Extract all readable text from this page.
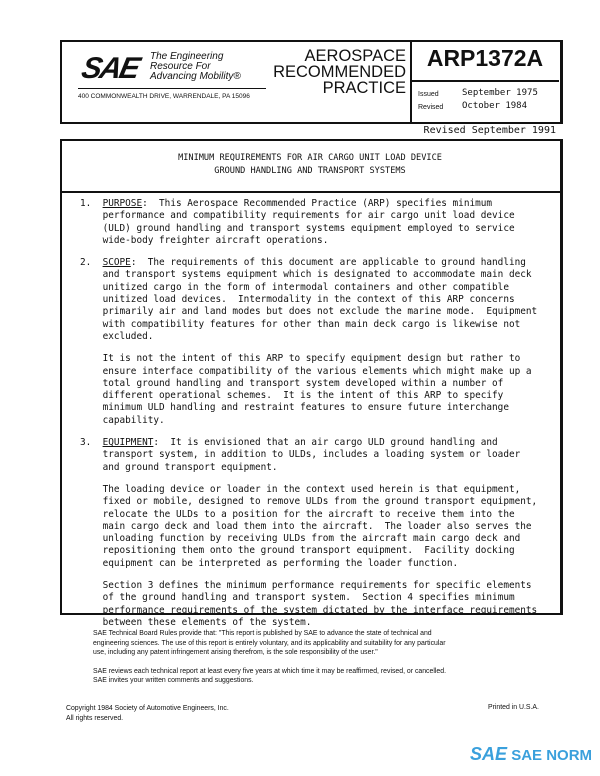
SAE The Engineering
Resource For
Advancing Mobility®
400 COMMONWEALTH DRIVE, WARRENDALE, PA 15096
AEROSPACE
RECOMMENDED
PRACTICE
ARP1372A
Issued
Revised
September 1975
October 1984
Revised September 1991
MINIMUM REQUIREMENTS FOR AIR CARGO UNIT LOAD DEVICE
GROUND HANDLING AND TRANSPORT SYSTEMS
1.  PURPOSE:  This Aerospace Recommended Practice (ARP) specifies minimum
performance and compatibility requirements for air cargo unit load device
(ULD) ground handling and transport systems equipment employed to service
wide-body freighter aircraft operations.
2.  SCOPE:  The requirements of this document are applicable to ground handling
and transport systems equipment which is designated to accommodate main deck
unitized cargo in the form of intermodal containers and other compatible
unitized load devices.  Intermodality in the context of this ARP concerns
primarily air and land modes but does not exclude the marine mode.  Equipment
with compatibility features for other than main deck cargo is likewise not
excluded.
It is not the intent of this ARP to specify equipment design but rather to
ensure interface compatibility of the various elements which might make up a
total ground handling and transport system developed within a number of
different operational schemes.  It is the intent of this ARP to specify
minimum ULD handling and restraint features to ensure future interchange
capability.
3.  EQUIPMENT:  It is envisioned that an air cargo ULD ground handling and
transport system, in addition to ULDs, includes a loading system or loader
and ground transport equipment.
The loading device or loader in the context used herein is that equipment,
fixed or mobile, designed to remove ULDs from the ground transport equipment,
relocate the ULDs to a position for the aircraft to receive them into the
main cargo deck and load them into the aircraft.  The loader also serves the
unloading function by receiving ULDs from the aircraft main cargo deck and
repositioning them onto the ground transport equipment.  Facility docking
equipment can be interpreted as performing the loader function.
Section 3 defines the minimum performance requirements for specific elements
of the ground handling and transport system.  Section 4 specifies minimum
performance requirements of the system dictated by the interface requirements
between these elements of the system.
SAE Technical Board Rules provide that: "This report is published by SAE to advance the state of technical and
engineering sciences. The use of this report is entirely voluntary, and its applicability and suitability for any particular
use, including any patent infringement arising therefrom, is the sole responsibility of the user."
SAE reviews each technical report at least every five years at which time it may be reaffirmed, revised, or cancelled.
SAE invites your written comments and suggestions.
Copyright 1984 Society of Automotive Engineers, Inc.
All rights reserved.
Printed in U.S.A.
SAE SAE NORM
